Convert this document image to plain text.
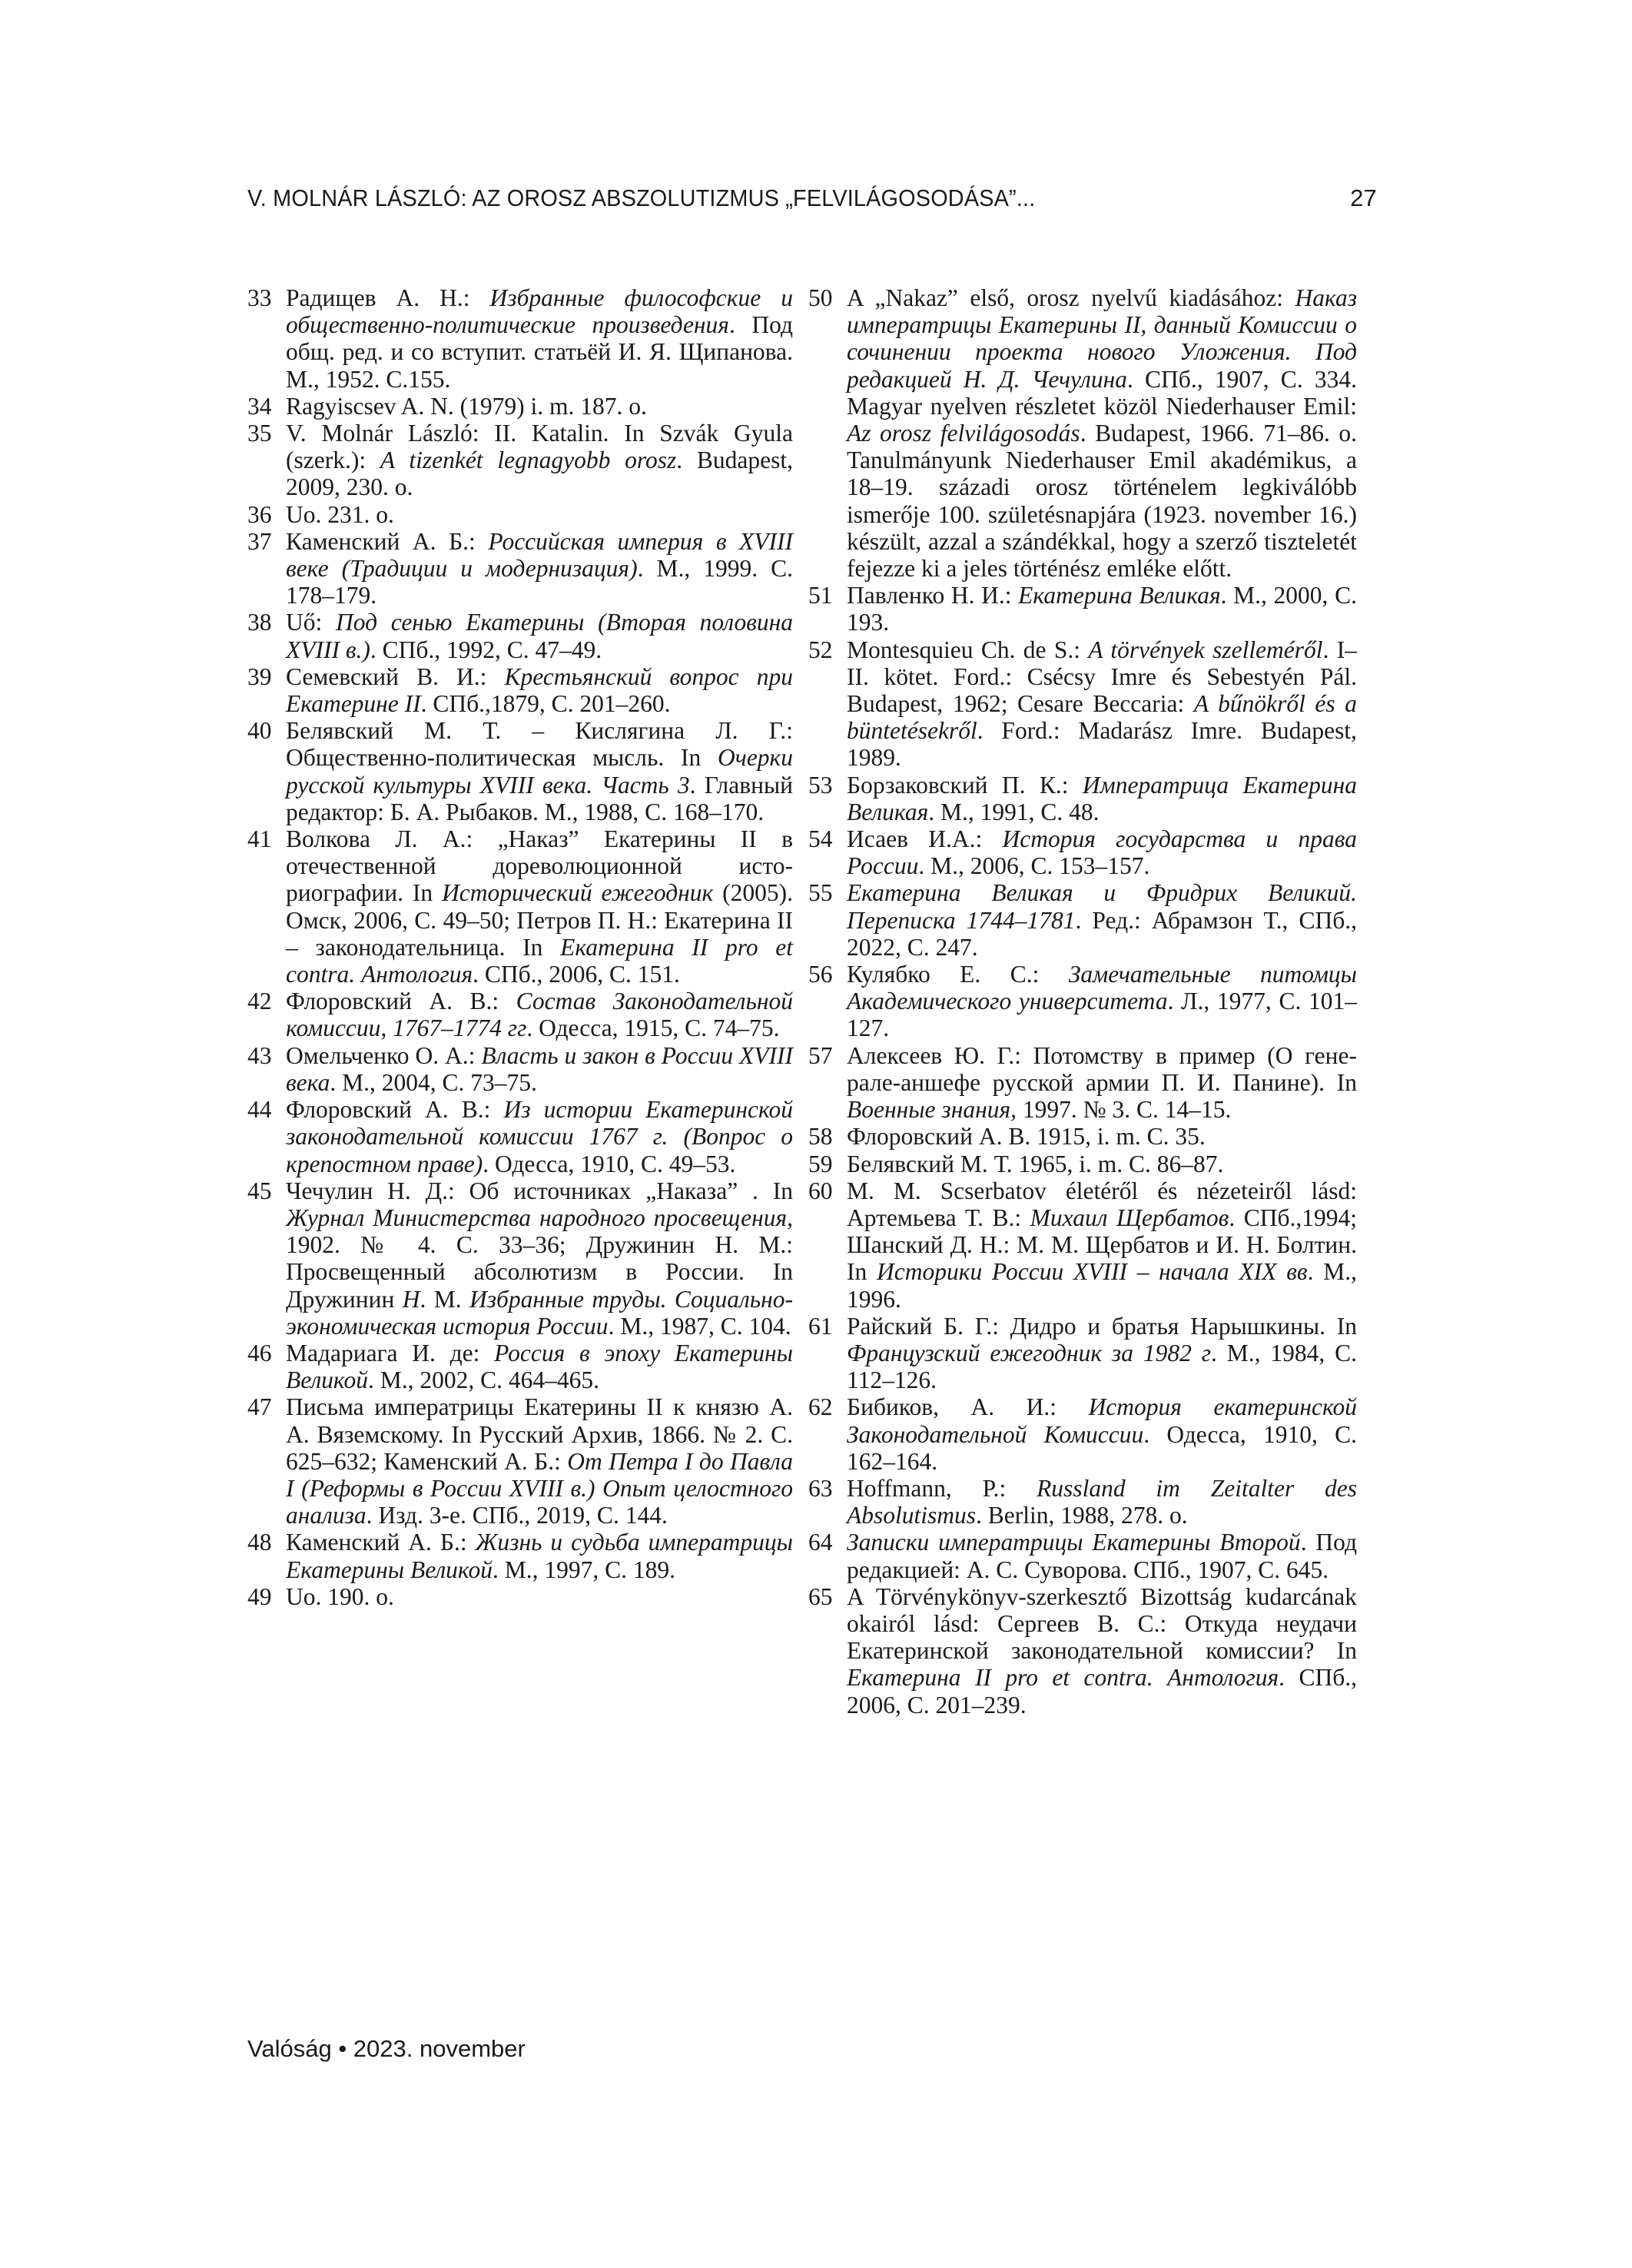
V. MOLNÁR LÁSZLÓ: AZ OROSZ ABSZOLUTIZMUS „FELVILÁGOSODÁSA”...	27
33 Радищев А. Н.: Избранные философские и общественно-политические произведения. Под общ. ред. и со вступит. статьёй И. Я. Щипанова. М., 1952. С.155.
34 Ragyiscsev A. N. (1979) i. m. 187. o.
35 V. Molnár László: II. Katalin. In Szvák Gyula (szerk.): A tizenkét legnagyobb orosz. Budapest, 2009, 230. o.
36 Uo. 231. o.
37 Каменский А. Б.: Российская империя в XVIII веке (Традиции и модернизация). М., 1999. С. 178–179.
38 Uő: Под сенью Екатерины (Вторая половина XVIII в.). СПб., 1992, С. 47–49.
39 Семевский В. И.: Крестьянский вопрос при Екатерине II. СПб.,1879, С. 201–260.
40 Белявский М. Т. – Кислягина Л. Г.: Общественно-политическая мысль. In Очерки русской культуры XVIII века. Часть 3. Главный редактор: Б. А. Рыбаков. М., 1988, С. 168–170.
41 Волкова Л. А.: „Наказ” Екатерины II в отечественной дореволюционной историографии. In Исторический ежегодник (2005). Омск, 2006, С. 49–50; Петров П. Н.: Екатерина II – законодательница. In Екатерина II pro et contra. Антология. СПб., 2006, С. 151.
42 Флоровский А. В.: Состав Законодательной комиссии, 1767–1774 гг. Одесса, 1915, С. 74–75.
43 Омельченко О. А.: Власть и закон в России XVIII века. М., 2004, С. 73–75.
44 Флоровский А. В.: Из истории Екатеринской законодательной комиссии 1767 г. (Вопрос о крепостном праве). Одесса, 1910, С. 49–53.
45 Чечулин Н. Д.: Об источниках „Наказа” . In Журнал Министерства народного просвещения, 1902. № 4. С. 33–36; Дружинин Н. М.: Просвещенный абсолютизм в России. In Дружинин Н. М. Избранные труды. Социально-экономическая история России. М., 1987, С. 104.
46 Мадариага И. де: Россия в эпоху Екатерины Великой. М., 2002, С. 464–465.
47 Письма императрицы Екатерины II к князю А. А. Вяземскому. In Русский Архив, 1866. № 2. С. 625–632; Каменский А. Б.: От Петра I до Павла I (Реформы в России XVIII в.) Опыт целостного анализа. Изд. 3-е. СПб., 2019, С. 144.
48 Каменский А. Б.: Жизнь и судьба императрицы Екатерины Великой. М., 1997, С. 189.
49 Uo. 190. o.
50 A „Nakaz” első, orosz nyelvű kiadásához: Наказ императрицы Екатерины II, данный Комиссии о сочинении проекта нового Уложения. Под редакцией Н. Д. Чечулина. СПб., 1907, С. 334. Magyar nyelven részletet közöl Niederhauser Emil: Az orosz felvilágosodás. Budapest, 1966. 71–86. o. Tanulmányunk Niederhauser Emil akadémikus, a 18–19. századi orosz történelem legkiválóbb ismerője 100. születésnapjára (1923. november 16.) készült, azzal a szándékkal, hogy a szerző tiszteletét fejezze ki a jeles történész emléke előtt.
51 Павленко Н. И.: Екатерина Великая. М., 2000, С. 193.
52 Montesquieu Ch. de S.: A törvények szelleméről. I–II. kötet. Ford.: Csécsy Imre és Sebestyén Pál. Budapest, 1962; Cesare Beccaria: A bűnökről és a büntetésekről. Ford.: Madarász Imre. Budapest, 1989.
53 Борзаковский П. К.: Императрица Екатерина Великая. М., 1991, С. 48.
54 Исаев И.А.: История государства и права России. М., 2006, С. 153–157.
55 Екатерина Великая и Фридрих Великий. Переписка 1744–1781. Ред.: Абрамзон Т., СПб., 2022, С. 247.
56 Кулябко Е. С.: Замечательные питомцы Академического университета. Л., 1977, С. 101–127.
57 Алексеев Ю. Г.: Потомству в пример (О генерале-аншефе русской армии П. И. Панине). In Военные знания, 1997. № 3. С. 14–15.
58 Флоровский А. В. 1915, i. m. С. 35.
59 Белявский М. Т. 1965, i. m. С. 86–87.
60 M. M. Scserbatov életéről és nézeteiről lásd: Артемьева Т. В.: Михаил Щербатов. СПб.,1994; Шанский Д. Н.: М. М. Щербатов и И. Н. Болтин. In Историки России XVIII – начала XIX вв. М., 1996.
61 Райский Б. Г.: Дидро и братья Нарышкины. In Французский ежегодник за 1982 г. М., 1984, С. 112–126.
62 Бибиков, А. И.: История екатеринской Законодательной Комиссии. Одесса, 1910, С. 162–164.
63 Hoffmann, P.: Russland im Zeitalter des Absolutismus. Berlin, 1988, 278. o.
64 Записки императрицы Екатерины Второй. Под редакцией: А. С. Суворова. СПб., 1907, С. 645.
65 A Törvénykönyv-szerkesztő Bizottság kudarcának okairól lásd: Сергеев В. С.: Откуда неудачи Екатеринской законодательной комиссии? In Екатерина II pro et contra. Антология. СПб., 2006, С. 201–239.
Valóság • 2023. november
